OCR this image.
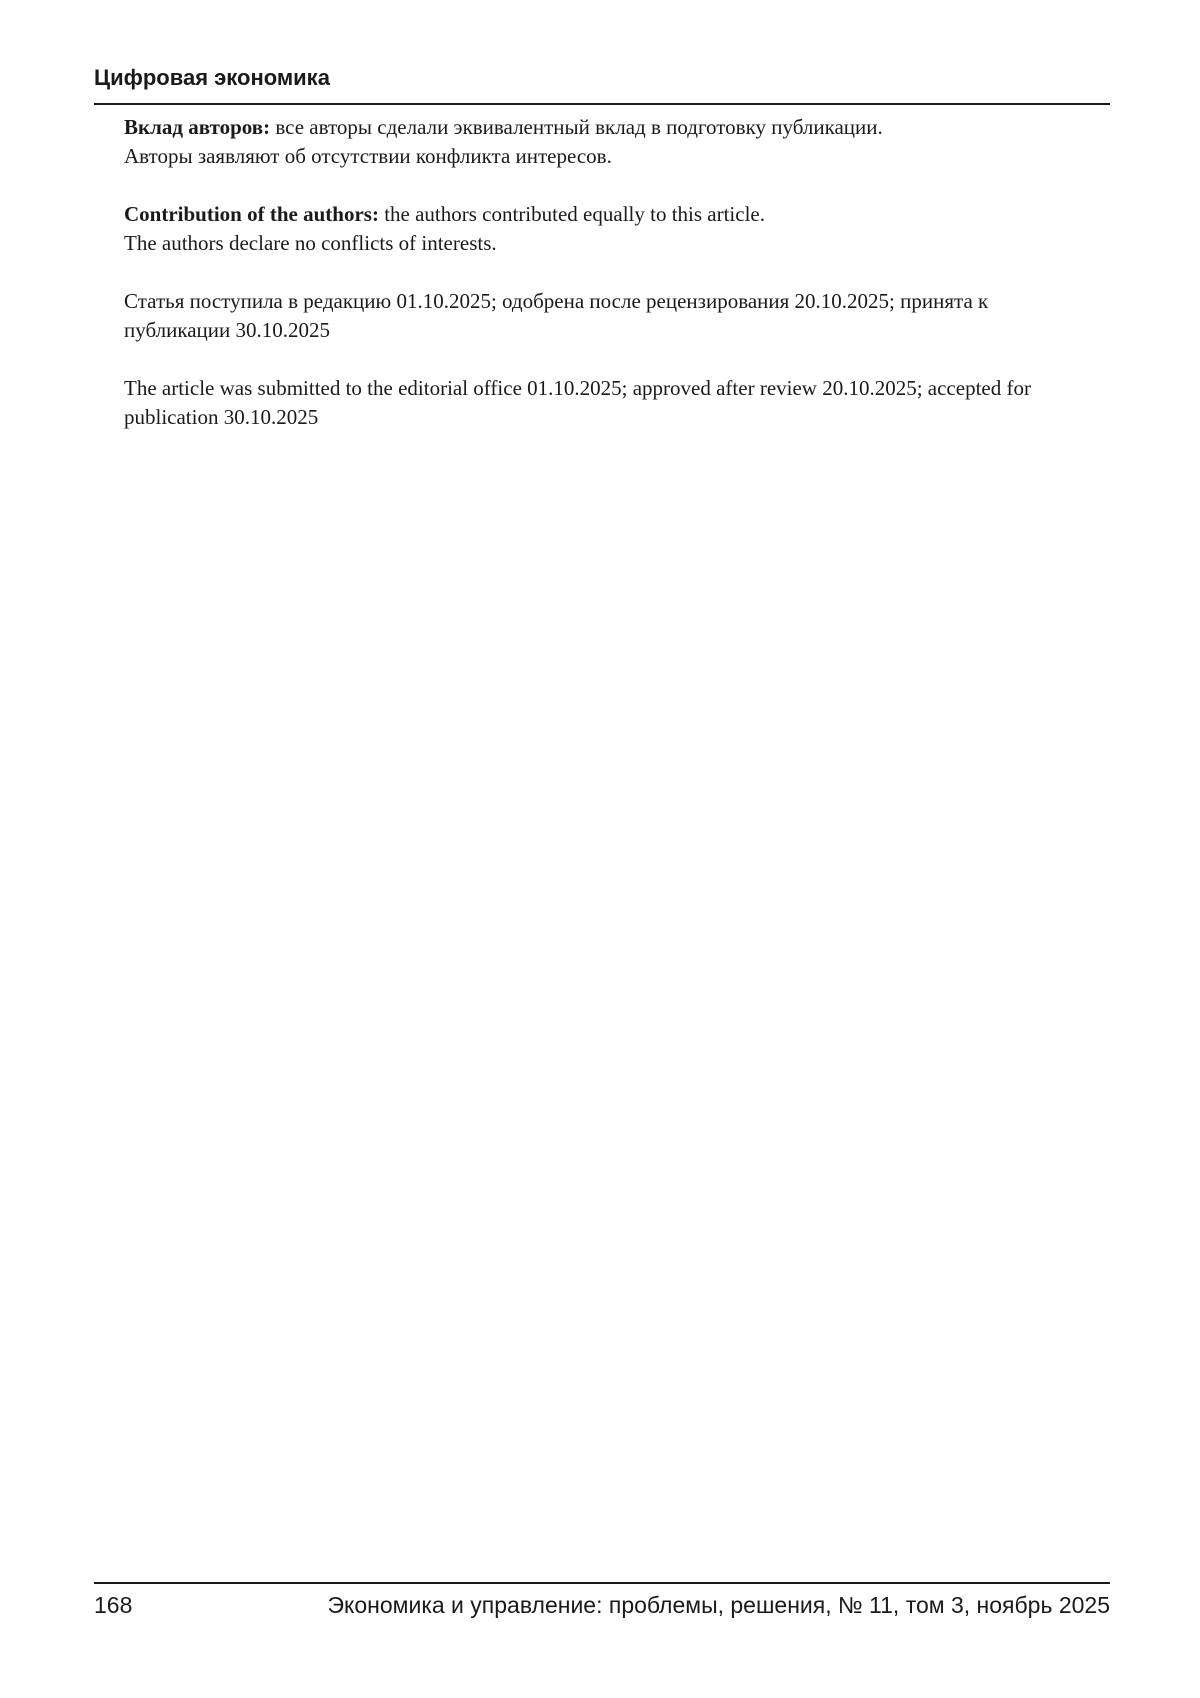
Цифровая экономика

Вклад авторов: все авторы сделали эквивалентный вклад в подготовку публикации.
Авторы заявляют об отсутствии конфликта интересов.

Contribution of the authors: the authors contributed equally to this article.
The authors declare no conflicts of interests.

Статья поступила в редакцию 01.10.2025; одобрена после рецензирования 20.10.2025; принята к публикации 30.10.2025

The article was submitted to the editorial office 01.10.2025; approved after review 20.10.2025; accepted for publication 30.10.2025

168	Экономика и управление: проблемы, решения, № 11, том 3, ноябрь 2025
